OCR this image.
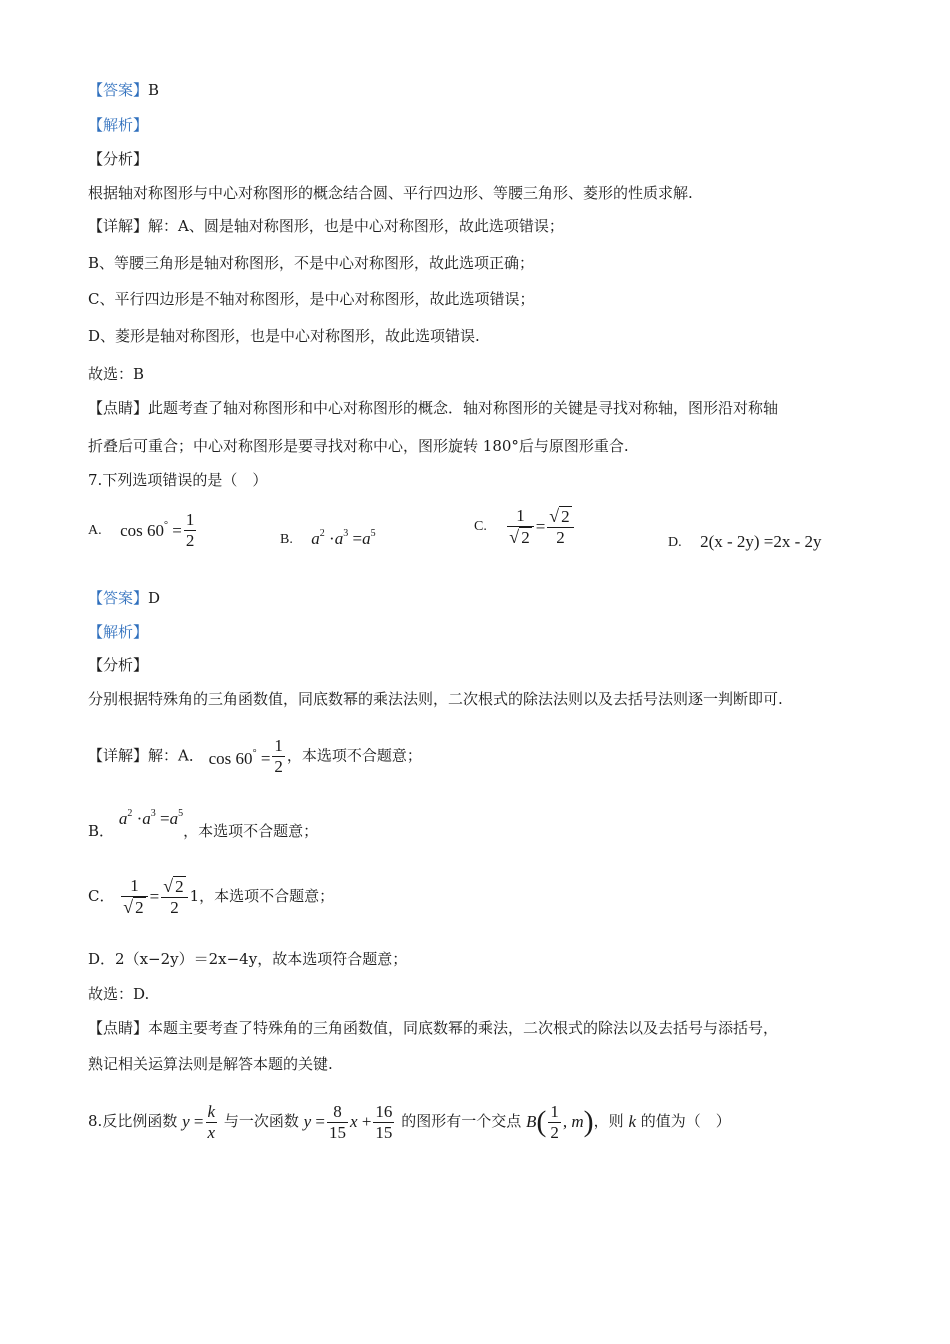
【答案】B
【解析】
【分析】
根据轴对称图形与中心对称图形的概念结合圆、平行四边形、等腰三角形、菱形的性质求解.
【详解】解：A、圆是轴对称图形，也是中心对称图形，故此选项错误；
B、等腰三角形是轴对称图形，不是中心对称图形，故此选项正确；
C、平行四边形是不轴对称图形，是中心对称图形，故此选项错误；
D、菱形是轴对称图形，也是中心对称图形，故此选项错误.
故选：B
【点睛】此题考查了轴对称图形和中心对称图形的概念．轴对称图形的关键是寻找对称轴，图形沿对称轴
折叠后可重合；中心对称图形是要寻找对称中心，图形旋转 180°后与原图形重合.
7.下列选项错误的是（　）
A. $\cos 60^\circ = \frac{1}{2}$	B. $a^2 \cdot a^3 =a^5$	C. $\frac{1}{√ 2} = \frac{√ 2}{2}$	D. 2(x - 2y) =2x - 2y
【答案】D
【解析】
【分析】
分别根据特殊角的三角函数值，同底数幂的乘法法则，二次根式的除法法则以及去括号法则逐一判断即可.
【详解】解：A． $\cos 60^\circ = \frac{1}{2}$ ，本选项不合题意；
B． $a^2 \cdot a^3 =a^5$，本选项不合题意；
C． $\frac{1}{√ 2} = \frac{√ 2}{2} 1$，本选项不合题意；
D．2（x−2y）＝2x−4y，故本选项符合题意；
故选：D.
【点睛】本题主要考查了特殊角的三角函数值，同底数幂的乘法，二次根式的除法以及去括号与添括号，
熟记相关运算法则是解答本题的关键.
8.反比例函数 $y = \frac{k}{x}$ 与一次函数 $y = \frac{8}{15}$ $x + \frac{16}{15}$ 的图形有一个交点 $B( \frac{1}{2}$ , m)，则 k 的值为（　）
